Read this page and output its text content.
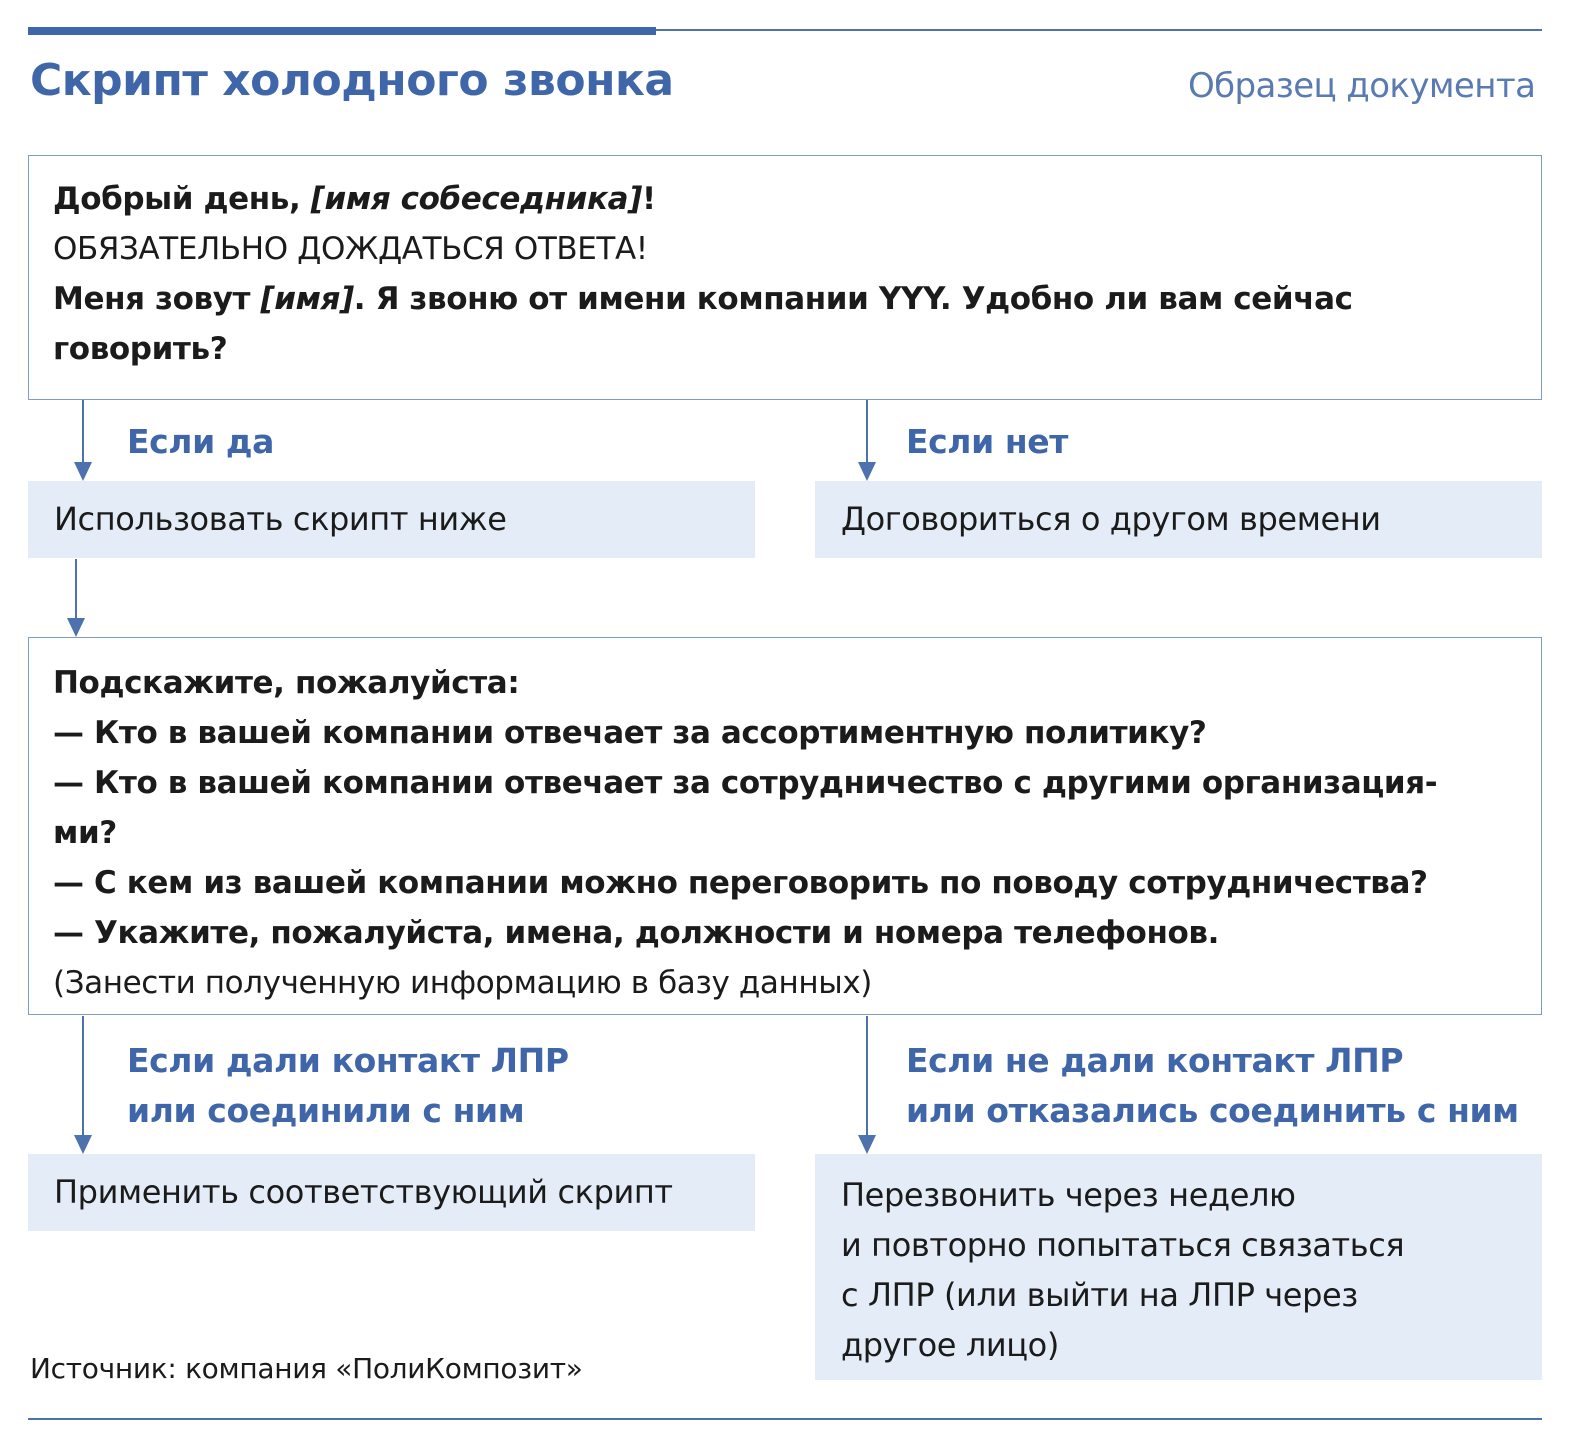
Скрипт холодного звонка	Образец документа
Добрый день, [имя собеседника]!
ОБЯЗАТЕЛЬНО ДОЖДАТЬСЯ ОТВЕТА!
Меня зовут [имя]. Я звоню от имени компании YYY. Удобно ли вам сейчас
говорить?
Если да	Если нет
Использовать скрипт ниже	Договориться о другом времени
Подскажите, пожалуйста:
— Кто в вашей компании отвечает за ассортиментную политику?
— Кто в вашей компании отвечает за сотрудничество с другими организация-
ми?
— С кем из вашей компании можно переговорить по поводу сотрудничества?
— Укажите, пожалуйста, имена, должности и номера телефонов.
(Занести полученную информацию в базу данных)
Если дали контакт ЛПР
или соединили с ним
Если не дали контакт ЛПР
или отказались соединить с ним
Применить соответствующий скрипт	Перезвонить через неделю
и повторно попытаться связаться
с ЛПР (или выйти на ЛПР через
другое лицо)
Источник: компания «ПолиКомпозит»
